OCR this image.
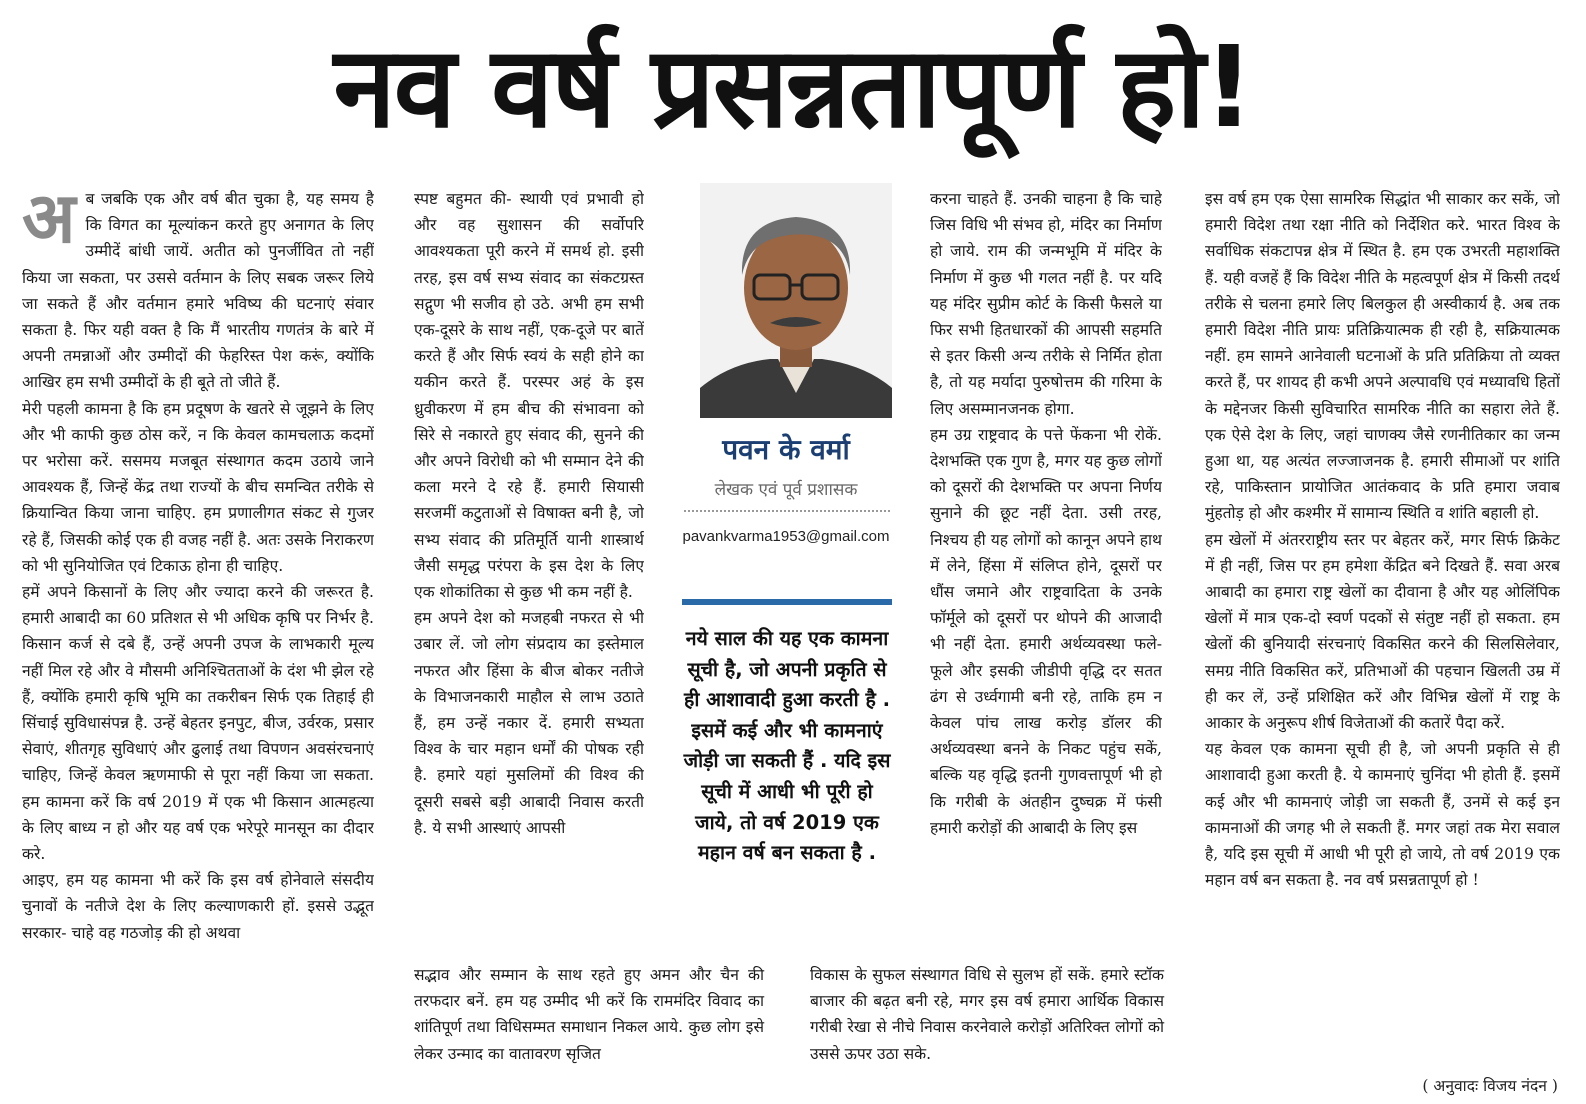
नव वर्ष प्रसन्नतापूर्ण हो!
अ ब जबकि एक और वर्ष बीत चुका है, यह समय है कि विगत का मूल्यांकन करते हुए अनागत के लिए उम्मीदें बांधी जायें. अतीत को पुनर्जीवित तो नहीं किया जा सकता, पर उससे वर्तमान के लिए सबक जरूर लिये जा सकते हैं और वर्तमान हमारे भविष्य की घटनाएं संवार सकता है. फिर यही वक्त है कि मैं भारतीय गणतंत्र के बारे में अपनी तमन्नाओं और उम्मीदों की फेहरिस्त पेश करूं, क्योंकि आखिर हम सभी उम्मीदों के ही बूते तो जीते हैं.

मेरी पहली कामना है कि हम प्रदूषण के खतरे से जूझने के लिए और भी काफी कुछ ठोस करें, न कि केवल कामचलाऊ कदमों पर भरोसा करें. ससमय मजबूत संस्थागत कदम उठाये जाने आवश्यक हैं, जिन्हें केंद्र तथा राज्यों के बीच समन्वित तरीके से क्रियान्वित किया जाना चाहिए. हम प्रणालीगत संकट से गुजर रहे हैं, जिसकी कोई एक ही वजह नहीं है. अतः उसके निराकरण को भी सुनियोजित एवं टिकाऊ होना ही चाहिए.

हमें अपने किसानों के लिए और ज्यादा करने की जरूरत है. हमारी आबादी का 60 प्रतिशत से भी अधिक कृषि पर निर्भर है. किसान कर्ज से दबे हैं, उन्हें अपनी उपज के लाभकारी मूल्य नहीं मिल रहे और वे मौसमी अनिश्चितताओं के दंश भी झेल रहे हैं, क्योंकि हमारी कृषि भूमि का तकरीबन सिर्फ एक तिहाई ही सिंचाई सुविधासंपन्न है. उन्हें बेहतर इनपुट, बीज, उर्वरक, प्रसार सेवाएं, शीतगृह सुविधाएं और ढुलाई तथा विपणन अवसंरचनाएं चाहिए, जिन्हें केवल ऋणमाफी से पूरा नहीं किया जा सकता. हम कामना करें कि वर्ष 2019 में एक भी किसान आत्महत्या के लिए बाध्य न हो और यह वर्ष एक भरेपूरे मानसून का दीदार करे.

आइए, हम यह कामना भी करें कि इस वर्ष होनेवाले संसदीय चुनावों के नतीजे देश के लिए कल्याणकारी हों. इससे उद्भूत सरकार- चाहे वह गठजोड़ की हो अथवा

स्पष्ट बहुमत की- स्थायी एवं प्रभावी हो और वह सुशासन की सर्वोपरि आवश्यकता पूरी करने में समर्थ हो. इसी तरह, इस वर्ष सभ्य संवाद का संकटग्रस्त सद्गुण भी सजीव हो उठे. अभी हम सभी एक-दूसरे के साथ नहीं, एक-दूजे पर बातें करते हैं और सिर्फ स्वयं के सही होने का यकीन करते हैं. परस्पर अहं के इस ध्रुवीकरण में हम बीच की संभावना को सिरे से नकारते हुए संवाद की, सुनने की और अपने विरोधी को भी सम्मान देने की कला मरने दे रहे हैं. हमारी सियासी सरजमीं कटुताओं से विषाक्त बनी है, जो सभ्य संवाद की प्रतिमूर्ति यानी शास्त्रार्थ जैसी समृद्ध परंपरा के इस देश के लिए एक शोकांतिका से कुछ भी कम नहीं है.

हम अपने देश को मजहबी नफरत से भी उबार लें. जो लोग संप्रदाय का इस्तेमाल नफरत और हिंसा के बीज बोकर नतीजे के विभाजनकारी माहौल से लाभ उठाते हैं, हम उन्हें नकार दें. हमारी सभ्यता विश्व के चार महान धर्मों की पोषक रही है. हमारे यहां मुसलिमों की विश्व की दूसरी सबसे बड़ी आबादी निवास करती है. ये सभी आस्थाएं आपसी

पवन के वर्मा
लेखक एवं पूर्व प्रशासक
pavankvarma1953@gmail.com
नये साल की यह एक कामना सूची है, जो अपनी प्रकृति से ही आशावादी हुआ करती है . इसमें कई और भी कामनाएं जोड़ी जा सकती हैं . यदि इस सूची में आधी भी पूरी हो जाये, तो वर्ष 2019 एक महान वर्ष बन सकता है .

करना चाहते हैं. उनकी चाहना है कि चाहे जिस विधि भी संभव हो, मंदिर का निर्माण हो जाये. राम की जन्मभूमि में मंदिर के निर्माण में कुछ भी गलत नहीं है. पर यदि यह मंदिर सुप्रीम कोर्ट के किसी फैसले या फिर सभी हितधारकों की आपसी सहमति से इतर किसी अन्य तरीके से निर्मित होता है, तो यह मर्यादा पुरुषोत्तम की गरिमा के लिए असम्मानजनक होगा.

हम उग्र राष्ट्रवाद के पत्ते फेंकना भी रोकें. देशभक्ति एक गुण है, मगर यह कुछ लोगों को दूसरों की देशभक्ति पर अपना निर्णय सुनाने की छूट नहीं देता. उसी तरह, निश्चय ही यह लोगों को कानून अपने हाथ में लेने, हिंसा में संलिप्त होने, दूसरों पर धौंस जमाने और राष्ट्रवादिता के उनके फॉर्मूले को दूसरों पर थोपने की आजादी भी नहीं देता. हमारी अर्थव्यवस्था फले-फूले और इसकी जीडीपी वृद्धि दर सतत ढंग से उर्ध्वगामी बनी रहे, ताकि हम न केवल पांच लाख करोड़ डॉलर की अर्थव्यवस्था बनने के निकट पहुंच सकें, बल्कि यह वृद्धि इतनी गुणवत्तापूर्ण भी हो कि गरीबी के अंतहीन दुष्चक्र में फंसी हमारी करोड़ों की आबादी के लिए इस

सद्भाव और सम्मान के साथ रहते हुए अमन और चैन की तरफदार बनें. हम यह उम्मीद भी करें कि राममंदिर विवाद का शांतिपूर्ण तथा विधिसम्मत समाधान निकल आये. कुछ लोग इसे लेकर उन्माद का वातावरण सृजित
विकास के सुफल संस्थागत विधि से सुलभ हों सकें. हमारे स्टॉक बाजार की बढ़त बनी रहे, मगर इस वर्ष हमारा आर्थिक विकास गरीबी रेखा से नीचे निवास करनेवाले करोड़ों अतिरिक्त लोगों को उससे ऊपर उठा सके.

इस वर्ष हम एक ऐसा सामरिक सिद्धांत भी साकार कर सकें, जो हमारी विदेश तथा रक्षा नीति को निर्देशित करे. भारत विश्व के सर्वाधिक संकटापन्न क्षेत्र में स्थित है. हम एक उभरती महाशक्ति हैं. यही वजहें हैं कि विदेश नीति के महत्वपूर्ण क्षेत्र में किसी तदर्थ तरीके से चलना हमारे लिए बिलकुल ही अस्वीकार्य है. अब तक हमारी विदेश नीति प्रायः प्रतिक्रियात्मक ही रही है, सक्रियात्मक नहीं. हम सामने आनेवाली घटनाओं के प्रति प्रतिक्रिया तो व्यक्त करते हैं, पर शायद ही कभी अपने अल्पावधि एवं मध्यावधि हितों के मद्देनजर किसी सुविचारित सामरिक नीति का सहारा लेते हैं. एक ऐसे देश के लिए, जहां चाणक्य जैसे रणनीतिकार का जन्म हुआ था, यह अत्यंत लज्जाजनक है. हमारी सीमाओं पर शांति रहे, पाकिस्तान प्रायोजित आतंकवाद के प्रति हमारा जवाब मुंहतोड़ हो और कश्मीर में सामान्य स्थिति व शांति बहाली हो.

हम खेलों में अंतरराष्ट्रीय स्तर पर बेहतर करें, मगर सिर्फ क्रिकेट में ही नहीं, जिस पर हम हमेशा केंद्रित बने दिखते हैं. सवा अरब आबादी का हमारा राष्ट्र खेलों का दीवाना है और यह ओलिंपिक खेलों में मात्र एक-दो स्वर्ण पदकों से संतुष्ट नहीं हो सकता. हम खेलों की बुनियादी संरचनाएं विकसित करने की सिलसिलेवार, समग्र नीति विकसित करें, प्रतिभाओं की पहचान खिलती उम्र में ही कर लें, उन्हें प्रशिक्षित करें और विभिन्न खेलों में राष्ट्र के आकार के अनुरूप शीर्ष विजेताओं की कतारें पैदा करें.

यह केवल एक कामना सूची ही है, जो अपनी प्रकृति से ही आशावादी हुआ करती है. ये कामनाएं चुनिंदा भी होती हैं. इसमें कई और भी कामनाएं जोड़ी जा सकती हैं, उनमें से कई इन कामनाओं की जगह भी ले सकती हैं. मगर जहां तक मेरा सवाल है, यदि इस सूची में आधी भी पूरी हो जाये, तो वर्ष 2019 एक महान वर्ष बन सकता है. नव वर्ष प्रसन्नतापूर्ण हो !

( अनुवादः विजय नंदन )
